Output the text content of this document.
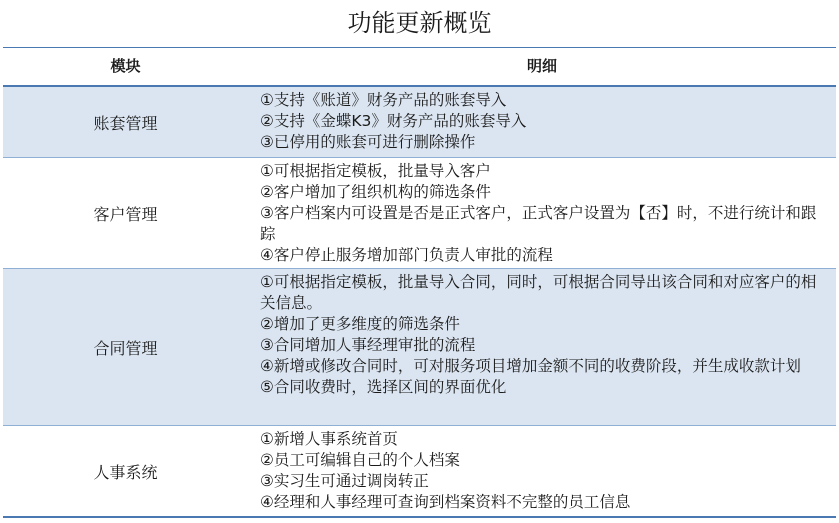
功能更新概览
模块	明细
账套管理
①支持《账道》财务产品的账套导入
②支持《金蝶K3》财务产品的账套导入
③已停用的账套可进行删除操作
客户管理
①可根据指定模板，批量导入客户
②客户增加了组织机构的筛选条件
③客户档案内可设置是否是正式客户，正式客户设置为【否】时，不进行统计和跟踪
④客户停止服务增加部门负责人审批的流程
合同管理
①可根据指定模板，批量导入合同，同时，可根据合同导出该合同和对应客户的相关信息。
②增加了更多维度的筛选条件
③合同增加人事经理审批的流程
④新增或修改合同时，可对服务项目增加金额不同的收费阶段，并生成收款计划
⑤合同收费时，选择区间的界面优化
人事系统
①新增人事系统首页
②员工可编辑自己的个人档案
③实习生可通过调岗转正
④经理和人事经理可查询到档案资料不完整的员工信息
